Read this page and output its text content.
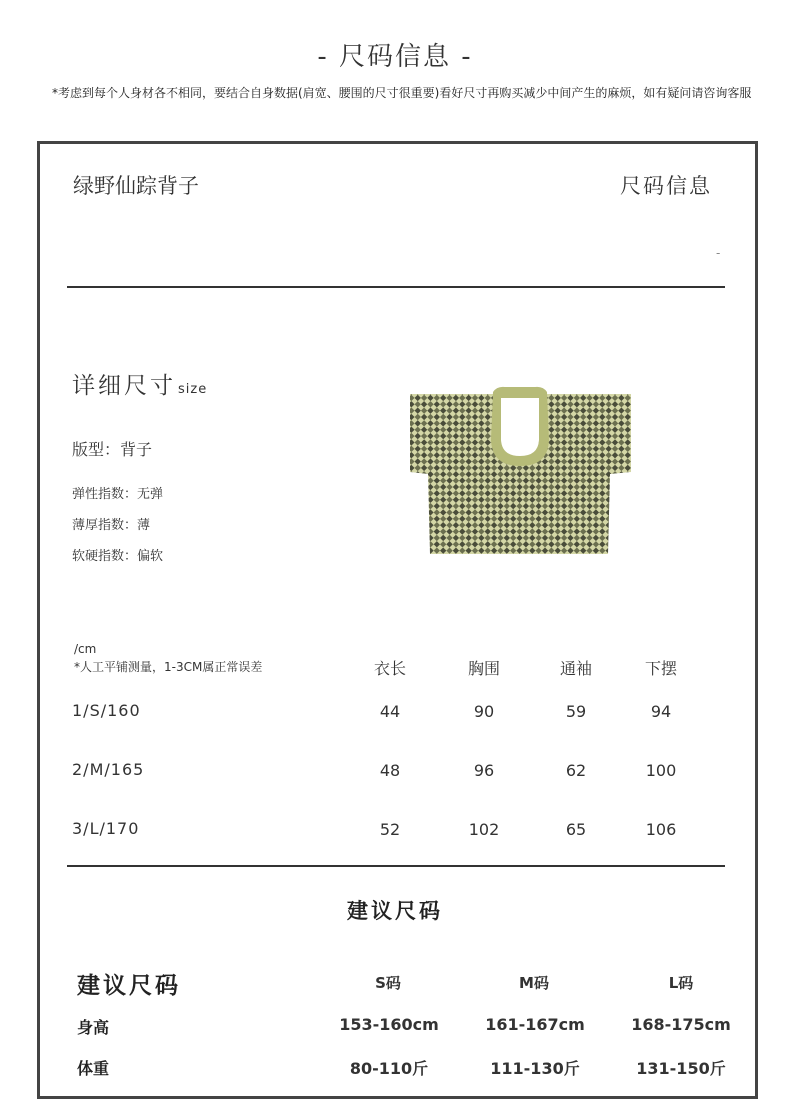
- 尺码信息 -
*考虑到每个人身材各不相同，要结合自身数据(肩宽、腰围的尺寸很重要)看好尺寸再购买减少中间产生的麻烦，如有疑问请咨询客服
绿野仙踪背子	尺码信息
-
详细尺寸 size
版型：背子
弹性指数：无弹
薄厚指数：薄
软硬指数：偏软
/cm
*人工平铺测量，1-3CM属正常误差	衣长	胸围	通袖	下摆
1/S/160	44	90	59	94
2/M/165	48	96	62	100
3/L/170	52	102	65	106
建议尺码
建议尺码	S码	M码	L码
身高	153-160cm	161-167cm	168-175cm
体重	80-110斤	111-130斤	131-150斤
